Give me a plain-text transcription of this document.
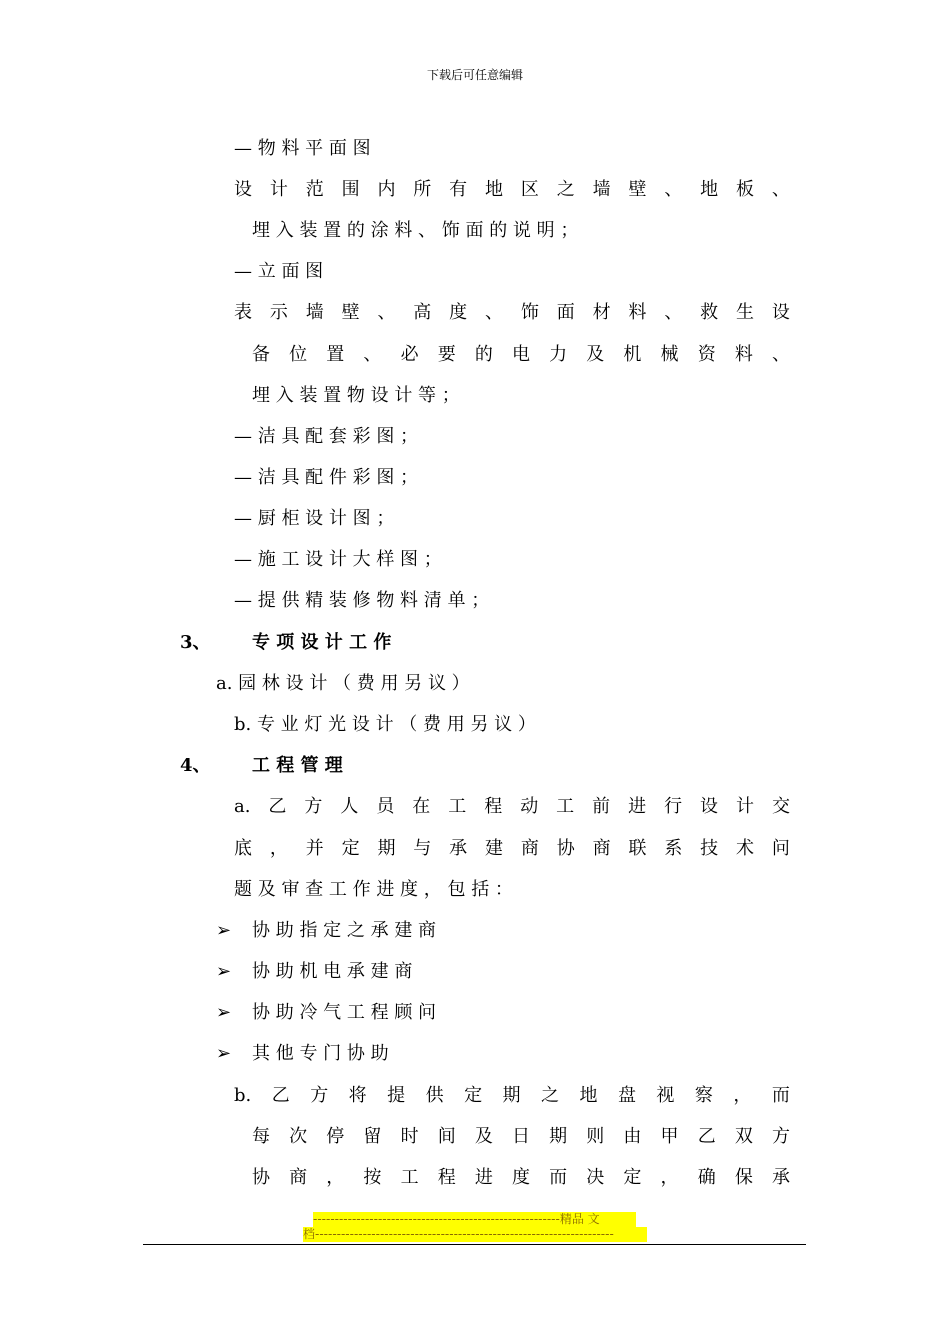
下载后可任意编辑
— 物 料 平 面 图
设 计 范 围 内 所 有 地 区 之 墙 壁 、 地 板 、
埋 入 装 置 的 涂 料 、 饰 面 的 说 明 ；
— 立 面 图
表 示 墙 壁 、 高 度 、 饰 面 材 料 、 救 生 设
备 位 置 、 必 要 的 电 力 及 机 械 资 料 、
埋 入 装 置 物 设 计 等 ；
— 洁 具 配 套 彩 图 ；
— 洁 具 配 件 彩 图 ；
— 厨 柜 设 计 图 ；
— 施 工 设 计 大 样 图 ；
— 提 供 精 装 修 物 料 清 单 ；
3、 专 项 设 计 工 作
a. 园 林 设 计 （ 费 用 另 议 ）
b. 专 业 灯 光 设 计 （ 费 用 另 议 ）
4、 工 程 管 理
a. 乙 方 人 员 在 工 程 动 工 前 进 行 设 计 交
底 ， 并 定 期 与 承 建 商 协 商 联 系 技 术 问
题 及 审 查 工 作 进 度 ， 包 括 ：
➢ 协 助 指 定 之 承 建 商
➢ 协 助 机 电 承 建 商
➢ 协 助 冷 气 工 程 顾 问
➢ 其 他 专 门 协 助
b. 乙 方 将 提 供 定 期 之 地 盘 视 察 ， 而
每 次 停 留 时 间 及 日 期 则 由 甲 乙 双 方
协 商 ， 按 工 程 进 度 而 决 定 ， 确 保 承
---------------------------------------------------------精品 文
档---------------------------------------------------------------------
